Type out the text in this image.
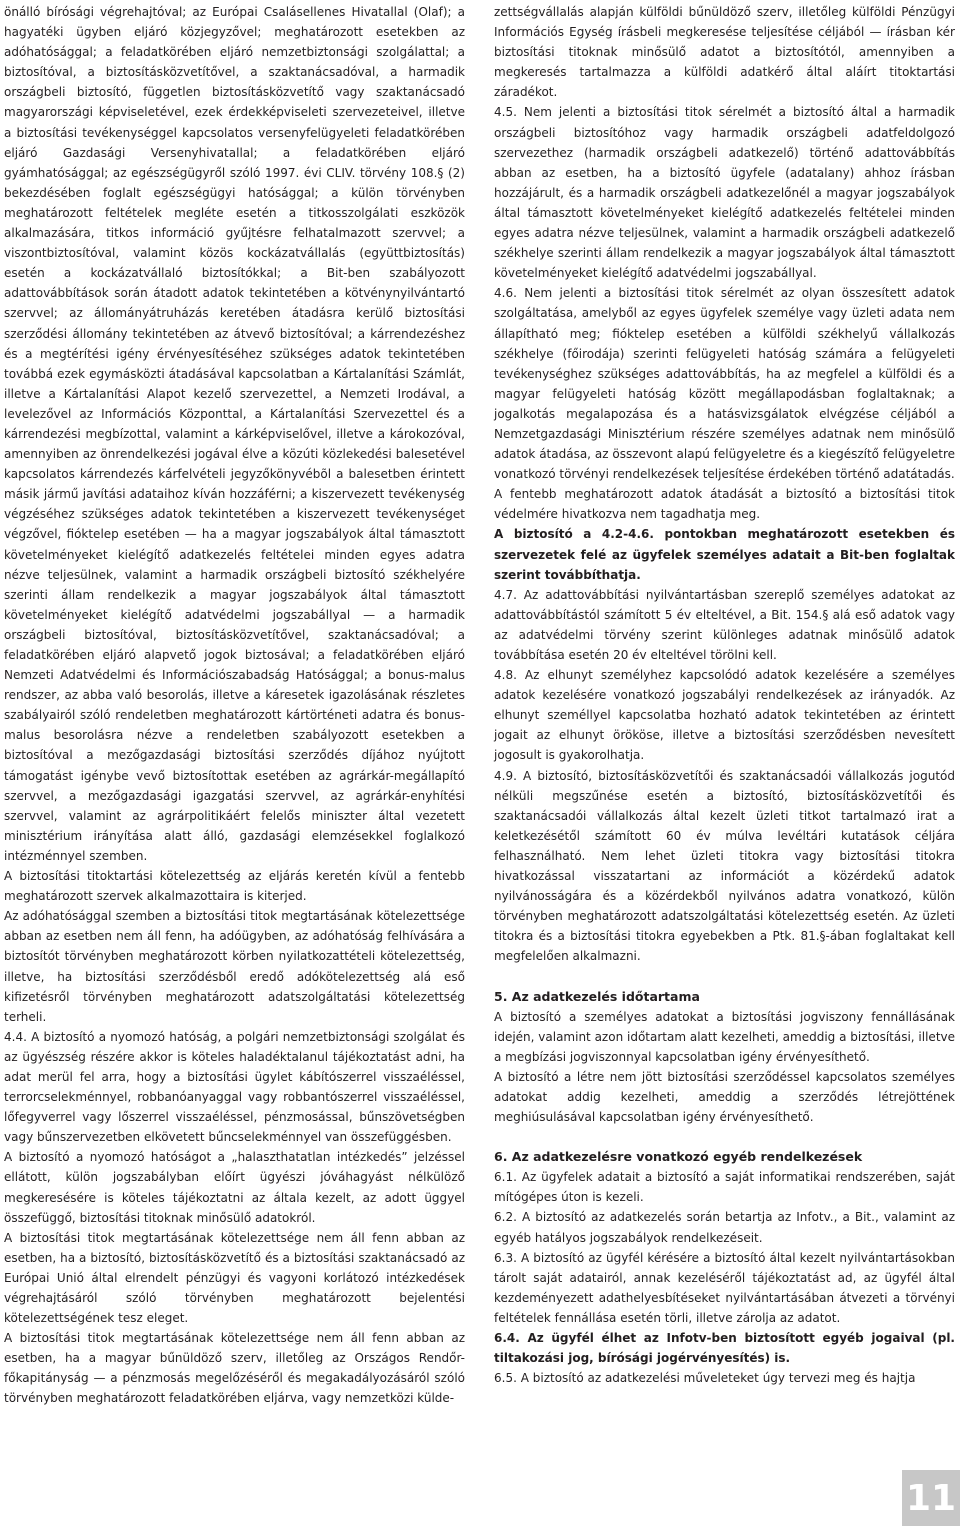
önálló bírósági végrehajtóval; az Európai Csalásellenes Hivatallal (Olaf); a hagyatéki ügyben eljáró közjegyzővel; meghatározott esetekben az adóhatósággal; a feladatkörében eljáró nemzetbiztonsági szolgálattal; a biztosítóval, a biztosításközvetítővel, a szaktanácsadóval, a harmadik országbeli biztosító, független biztosításközvetítő vagy szaktanácsadó magyarországi képviseletével, ezek érdekképviseleti szervezeteivel, illetve a biztosítási tevékenységgel kapcsolatos versenyfelügyeleti feladatkörében eljáró Gazdasági Versenyhivatallal; a feladatkörében eljáró gyámhatósággal; az egészségügyről szóló 1997. évi CLIV. törvény 108.§ (2) bekezdésében foglalt egészségügyi hatósággal; a külön törvényben meghatározott feltételek megléte esetén a titkosszolgálati eszközök alkalmazására, titkos információ gyűjtésre felhatalmazott szervvel; a viszontbiztosítóval, valamint közös kockázatvállalás (együttbiztosítás) esetén a kockázatvállaló biztosítókkal; a Bit-ben szabályozott adattovábbítások során átadott adatok tekintetében a kötvénynyilvántartó szervvel; az állományátruházás keretében átadásra kerülő biztosítási szerződési állomány tekintetében az átvevő biztosítóval; a kárrendezéshez és a megtérítési igény érvényesítéséhez szükséges adatok tekintetében továbbá ezek egymásközti átadásával kapcsolatban a Kártalanítási Számlát, illetve a Kártalanítási Alapot kezelő szervezettel, a Nemzeti Irodával, a levelezővel az Információs Központtal, a Kártalanítási Szervezettel és a kárrendezési megbízottal, valamint a kárképviselővel, illetve a károkozóval, amennyiben az önrendelkezési jogával élve a közúti közlekedési balesetével kapcsolatos kárrendezés kárfelvételi jegyzőkönyvébõl a balesetben érintett másik jármű javítási adataihoz kíván hozzáférni; a kiszervezett tevékenység végzéséhez szükséges adatok tekintetében a kiszervezett tevékenységet végzővel, fióktelep esetében — ha a magyar jogszabályok által támasztott követelményeket kielégítő adatkezelés feltételei minden egyes adatra nézve teljesülnek, valamint a harmadik országbeli biztosító székhelyére szerinti állam rendelkezik a magyar jogszabályok által támasztott követelményeket kielégítő adatvédelmi jogszabállyal — a harmadik országbeli biztosítóval, biztosításközvetítővel, szaktanácsadóval; a feladatkörében eljáró alapvető jogok biztosával; a feladatkörében eljáró Nemzeti Adatvédelmi és Információszabadság Hatósággal; a bonus-malus rendszer, az abba való besorolás, illetve a káresetek igazolásának részletes szabályairól szóló rendeletben meghatározott kártörténeti adatra és bonus-malus besorolásra nézve a rendeletben szabályozott esetekben a biztosítóval a mezőgazdasági biztosítási szerződés díjához nyújtott támogatást igénybe vevő biztosítottak esetében az agrárkár-megállapító szervvel, a mezőgazdasági igazgatási szervvel, az agrárkár-enyhítési szervvel, valamint az agrárpolitikáért felelős miniszter által vezetett minisztérium irányítása alatt álló, gazdasági elemzésekkel foglalkozó intézménnyel szemben.

A biztosítási titoktartási kötelezettség az eljárás keretén kívül a fentebb meghatározott szervek alkalmazottaira is kiterjed.

Az adóhatósággal szemben a biztosítási titok megtartásának kötelezettsége abban az esetben nem áll fenn, ha adóügyben, az adóhatóság felhívására a biztosítót törvényben meghatározott körben nyilatkozattételi kötelezettség, illetve, ha biztosítási szerződésből eredő adókötelezettség alá eső kifizetésről törvényben meghatározott adatszolgáltatási kötelezettség terheli.

4.4. A biztosító a nyomozó hatóság, a polgári nemzetbiztonsági szolgálat és az ügyészség részére akkor is köteles haladéktalanul tájékoztatást adni, ha adat merül fel arra, hogy a biztosítási ügylet kábítószerrel visszaéléssel, terrorcselekménnyel, robbanóanyaggal vagy robbantószerrel visszaéléssel, lőfegyverrel vagy lőszerrel visszaéléssel, pénzmosással, bűnszövetségben vagy bűnszervezetben elkövetett bűncselekménnyel van összefüggésben.

A biztosító a nyomozó hatóságot a „halaszthatatlan intézkedés” jelzéssel ellátott, külön jogszabályban előírt ügyészi jóváhagyást nélkülöző megkeresésére is köteles tájékoztatni az általa kezelt, az adott üggyel összefüggő, biztosítási titoknak minősülő adatokról.

A biztosítási titok megtartásának kötelezettsége nem áll fenn abban az esetben, ha a biztosító, biztosításközvetítő és a biztosítási szaktanácsadó az Európai Unió által elrendelt pénzügyi és vagyoni korlátozó intézkedések végrehajtásáról szóló törvényben meghatározott bejelentési kötelezettségének tesz eleget.

A biztosítási titok megtartásának kötelezettsége nem áll fenn abban az esetben, ha a magyar bűnüldöző szerv, illetőleg az Országos Rendőr-főkapitányság — a pénzmosás megelőzéséről és megakadályozásáról szóló törvényben meghatározott feladatkörében eljárva, vagy nemzetközi külde-

zettségvállalás alapján külföldi bűnüldöző szerv, illetőleg külföldi Pénzügyi Információs Egység írásbeli megkeresése teljesítése céljából — írásban kér biztosítási titoknak minősülő adatot a biztosítótól, amennyiben a megkeresés tartalmazza a külföldi adatkérő által aláírt titoktartási záradékot.

4.5. Nem jelenti a biztosítási titok sérelmét a biztosító által a harmadik országbeli biztosítóhoz vagy harmadik országbeli adatfeldolgozó szervezethez (harmadik országbeli adatkezelő) történő adattovábbítás abban az esetben, ha a biztosító ügyfele (adatalany) ahhoz írásban hozzájárult, és a harmadik országbeli adatkezelőnél a magyar jogszabályok által támasztott követelményeket kielégítő adatkezelés feltételei minden egyes adatra nézve teljesülnek, valamint a harmadik országbeli adatkezelő székhelye szerinti állam rendelkezik a magyar jogszabályok által támasztott követelményeket kielégítő adatvédelmi jogszabállyal.

4.6. Nem jelenti a biztosítási titok sérelmét az olyan összesített adatok szolgáltatása, amelyből az egyes ügyfelek személye vagy üzleti adata nem állapítható meg; fióktelep esetében a külföldi székhelyű vállalkozás székhelye (főirodája) szerinti felügyeleti hatóság számára a felügyeleti tevékenységhez szükséges adattovábbítás, ha az megfelel a külföldi és a magyar felügyeleti hatóság között megállapodásban foglaltaknak; a jogalkotás megalapozása és a hatásvizsgálatok elvégzése céljából a Nemzetgazdasági Minisztérium részére személyes adatnak nem minősülő adatok átadása, az összevont alapú felügyeletre és a kiegészítő felügyeletre vonatkozó törvényi rendelkezések teljesítése érdekében történő adatátadás.

A fentebb meghatározott adatok átadását a biztosító a biztosítási titok védelmére hivatkozva nem tagadhatja meg.

A biztosító a 4.2-4.6. pontokban meghatározott esetekben és szervezetek felé az ügyfelek személyes adatait a Bit-ben foglaltak szerint továbbíthatja.

4.7. Az adattovábbítási nyilvántartásban szereplő személyes adatokat az adattovábbítástól számított 5 év elteltével, a Bit. 154.§ alá eső adatok vagy az adatvédelmi törvény szerint különleges adatnak minősülő adatok továbbítása esetén 20 év elteltével törölni kell.

4.8. Az elhunyt személyhez kapcsolódó adatok kezelésére a személyes adatok kezelésére vonatkozó jogszabályi rendelkezések az irányadók. Az elhunyt személlyel kapcsolatba hozható adatok tekintetében az érintett jogait az elhunyt örököse, illetve a biztosítási szerződésben nevesített jogosult is gyakorolhatja.

4.9. A biztosító, biztosításközvetítői és szaktanácsadói vállalkozás jogutód nélküli megszűnése esetén a biztosító, biztosításközvetítői és szaktanácsadói vállalkozás által kezelt üzleti titkot tartalmazó irat a keletkezésétől számított 60 év múlva levéltári kutatások céljára felhasználható. Nem lehet üzleti titokra vagy biztosítási titokra hivatkozással visszatartani az információt a közérdekű adatok nyilvánosságára és a közérdekből nyilvános adatra vonatkozó, külön törvényben meghatározott adatszolgáltatási kötelezettség esetén. Az üzleti titokra és a biztosítási titokra egyebekben a Ptk. 81.§-ában foglaltakat kell megfelelően alkalmazni.

5. Az adatkezelés időtartama

A biztosító a személyes adatokat a biztosítási jogviszony fennállásának idején, valamint azon időtartam alatt kezelheti, ameddig a biztosítási, illetve a megbízási jogviszonnyal kapcsolatban igény érvényesíthető.

A biztosító a létre nem jött biztosítási szerződéssel kapcsolatos személyes adatokat addig kezelheti, ameddig a szerződés létrejöttének meghiúsulásával kapcsolatban igény érvényesíthető.

6. Az adatkezelésre vonatkozó egyéb rendelkezések

6.1. Az ügyfelek adatait a biztosító a saját informatikai rendszerében, saját mítógépes úton is kezeli.

6.2. A biztosító az adatkezelés során betartja az Infotv., a Bit., valamint az egyéb hatályos jogszabályok rendelkezéseit.

6.3. A biztosító az ügyfél kérésére a biztosító által kezelt nyilvántartásokban tárolt saját adatairól, annak kezeléséről tájékoztatást ad, az ügyfél által kezdeményezett adathelyesbítéseket nyilvántartásában átvezeti a törvényi feltételek fennállása esetén törli, illetve zárolja az adatot.

6.4. Az ügyfél élhet az Infotv-ben biztosított egyéb jogaival (pl. tiltakozási jog, bírósági jogérvényesítés) is.

6.5. A biztosító az adatkezelési műveleteket úgy tervezi meg és hajtja

11
